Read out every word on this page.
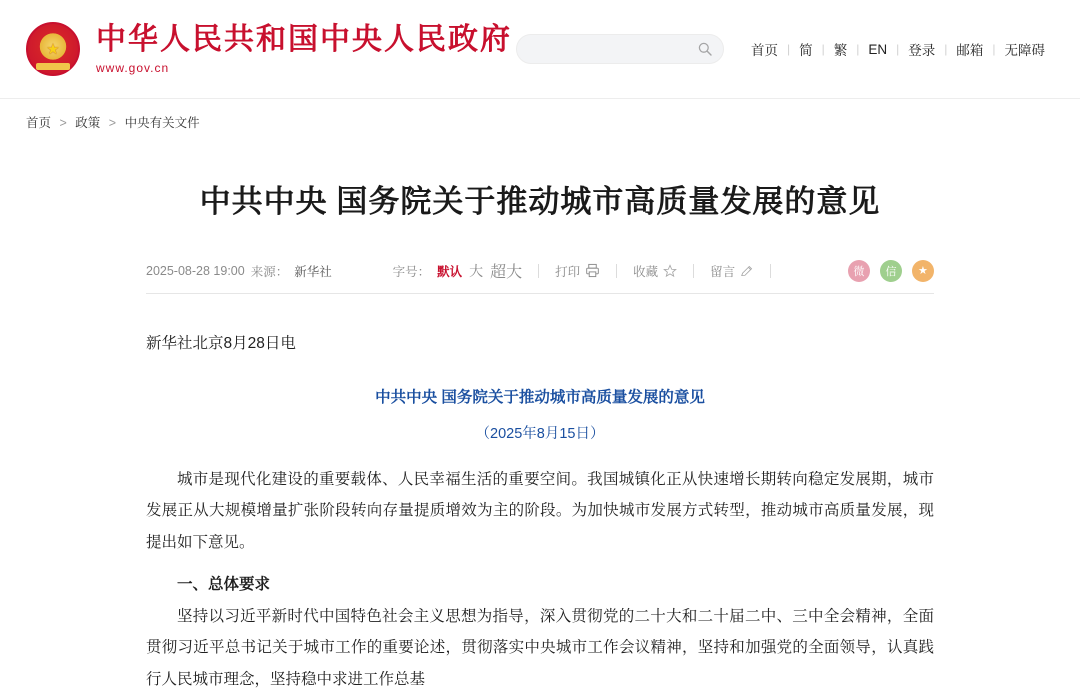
★ 中华人民共和国中央人民政府
www.gov.cn
首页 | 简 | 繁 | EN | 登录 | 邮箱 | 无障碍
首页 > 政策 > 中央有关文件
中共中央 国务院关于推动城市高质量发展的意见
2025-08-28 19:00 来源： 新华社	字号： 默认 大 超大	打印	收藏	留言	微	信	★

新华社北京8月28日电

中共中央 国务院关于推动城市高质量发展的意见

（2025年8月15日）

城市是现代化建设的重要载体、人民幸福生活的重要空间。我国城镇化正从快速增长期转向稳定发展期，城市发展正从大规模增量扩张阶段转向存量提质增效为主的阶段。为加快城市发展方式转型，推动城市高质量发展，现提出如下意见。

一、总体要求

坚持以习近平新时代中国特色社会主义思想为指导，深入贯彻党的二十大和二十届二中、三中全会精神，全面贯彻习近平总书记关于城市工作的重要论述，贯彻落实中央城市工作会议精神，坚持和加强党的全面领导，认真践行人民城市理念，坚持稳中求进工作总基
